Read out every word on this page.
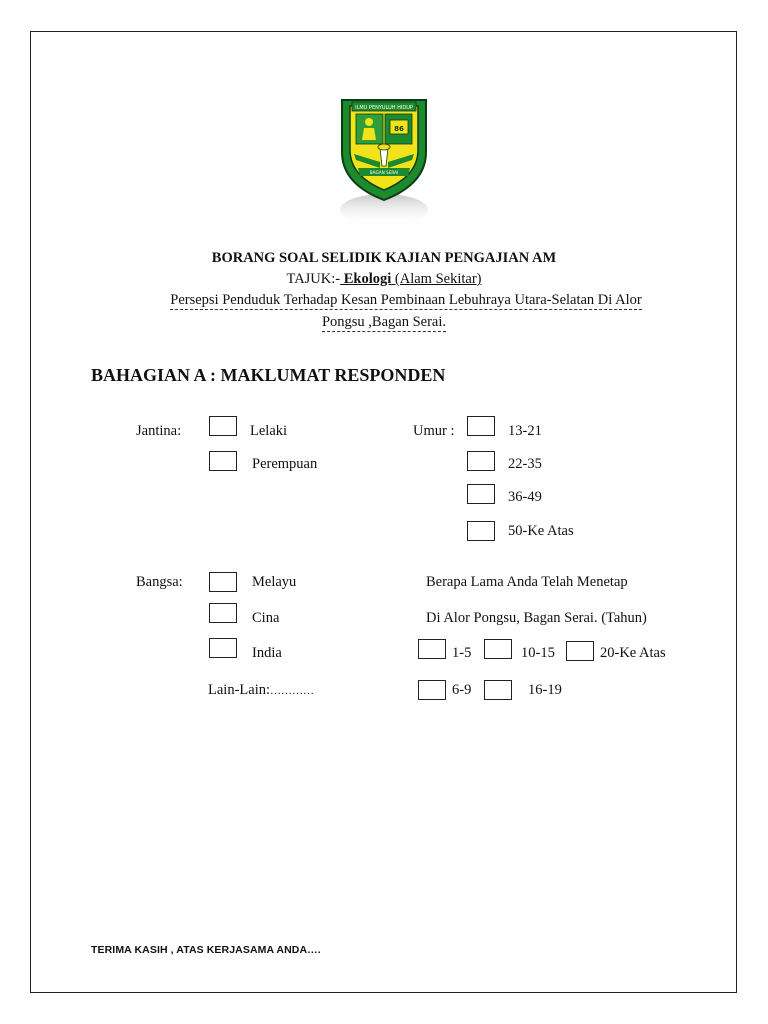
ILMU PENYULUH HIDUP
86
BAGAN SERAI
BORANG SOAL SELIDIK KAJIAN PENGAJIAN AM
TAJUK:- Ekologi (Alam Sekitar)
Persepsi Penduduk Terhadap Kesan Pembinaan Lebuhraya Utara-Selatan Di Alor
Pongsu ,Bagan Serai.
BAHAGIAN A : MAKLUMAT RESPONDEN
Jantina:	Lelaki
Perempuan
Umur :	13-21
22-35
36-49
50-Ke Atas
Bangsa:	Melayu
Cina
India
Lain-Lain:…………
Berapa Lama Anda Telah Menetap
Di Alor Pongsu, Bagan Serai. (Tahun)
1-5	10-15	20-Ke Atas
6-9	16-19
TERIMA KASIH , ATAS KERJASAMA ANDA….
